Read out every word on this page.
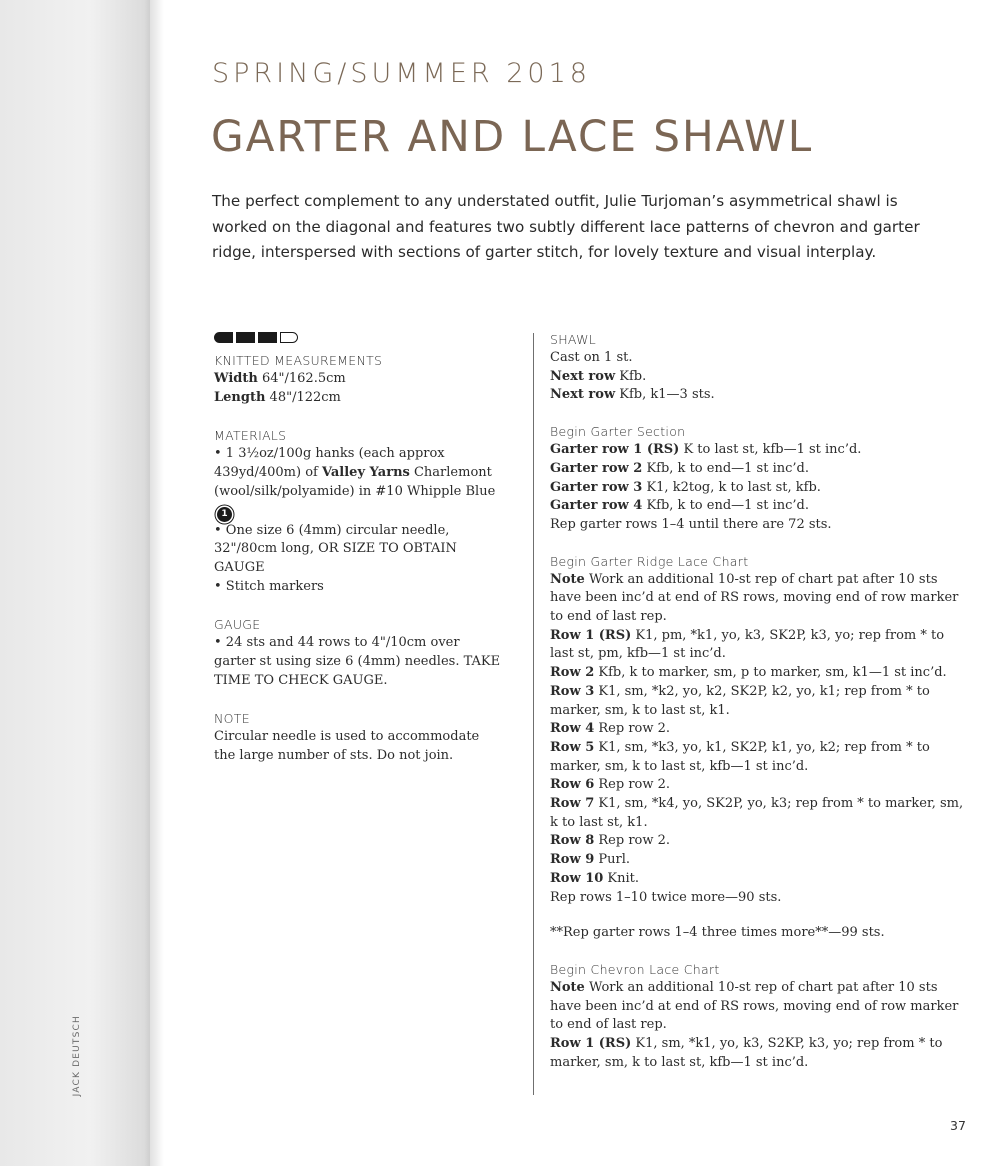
SPRING/SUMMER 2018
GARTER AND LACE SHAWL
The perfect complement to any understated outfit, Julie Turjoman’s asymmetrical shawl is worked on the diagonal and features two subtly different lace patterns of chevron and garter ridge, interspersed with sections of garter stitch, for lovely texture and visual interplay.

KNITTED MEASUREMENTS

Width 64"/162.5cm

Length 48"/122cm

MATERIALS

• 1 3½oz/100g hanks (each approx 439yd/400m) of Valley Yarns Charlemont (wool/silk/polyamide) in #10 Whipple Blue1

• One size 6 (4mm) circular needle, 32"/80cm long, OR SIZE TO OBTAIN GAUGE

• Stitch markers

GAUGE

• 24 sts and 44 rows to 4"/10cm over garter st using size 6 (4mm) needles. TAKE TIME TO CHECK GAUGE.

NOTE

Circular needle is used to accommodate the large number of sts. Do not join.

SHAWL

Cast on 1 st.

Next row Kfb.

Next row Kfb, k1—3 sts.

Begin Garter Section

Garter row 1 (RS) K to last st, kfb—1 st inc’d.

Garter row 2 Kfb, k to end—1 st inc’d.

Garter row 3 K1, k2tog, k to last st, kfb.

Garter row 4 Kfb, k to end—1 st inc’d.

Rep garter rows 1–4 until there are 72 sts.

Begin Garter Ridge Lace Chart

Note Work an additional 10-st rep of chart pat after 10 sts have been inc’d at end of RS rows, moving end of row marker to end of last rep.

Row 1 (RS) K1, pm, *k1, yo, k3, SK2P, k3, yo; rep from * to last st, pm, kfb—1 st inc’d.

Row 2 Kfb, k to marker, sm, p to marker, sm, k1—1 st inc’d.

Row 3 K1, sm, *k2, yo, k2, SK2P, k2, yo, k1; rep from * to marker, sm, k to last st, k1.

Row 4 Rep row 2.

Row 5 K1, sm, *k3, yo, k1, SK2P, k1, yo, k2; rep from * to marker, sm, k to last st, kfb—1 st inc’d.

Row 6 Rep row 2.

Row 7 K1, sm, *k4, yo, SK2P, yo, k3; rep from * to marker, sm, k to last st, k1.

Row 8 Rep row 2.

Row 9 Purl.

Row 10 Knit.

Rep rows 1–10 twice more—90 sts.

**Rep garter rows 1–4 three times more**—99 sts.

Begin Chevron Lace Chart

Note Work an additional 10-st rep of chart pat after 10 sts have been inc’d at end of RS rows, moving end of row marker to end of last rep.

Row 1 (RS) K1, sm, *k1, yo, k3, S2KP, k3, yo; rep from * to marker, sm, k to last st, kfb—1 st inc’d.

JACK DEUTSCH
37
